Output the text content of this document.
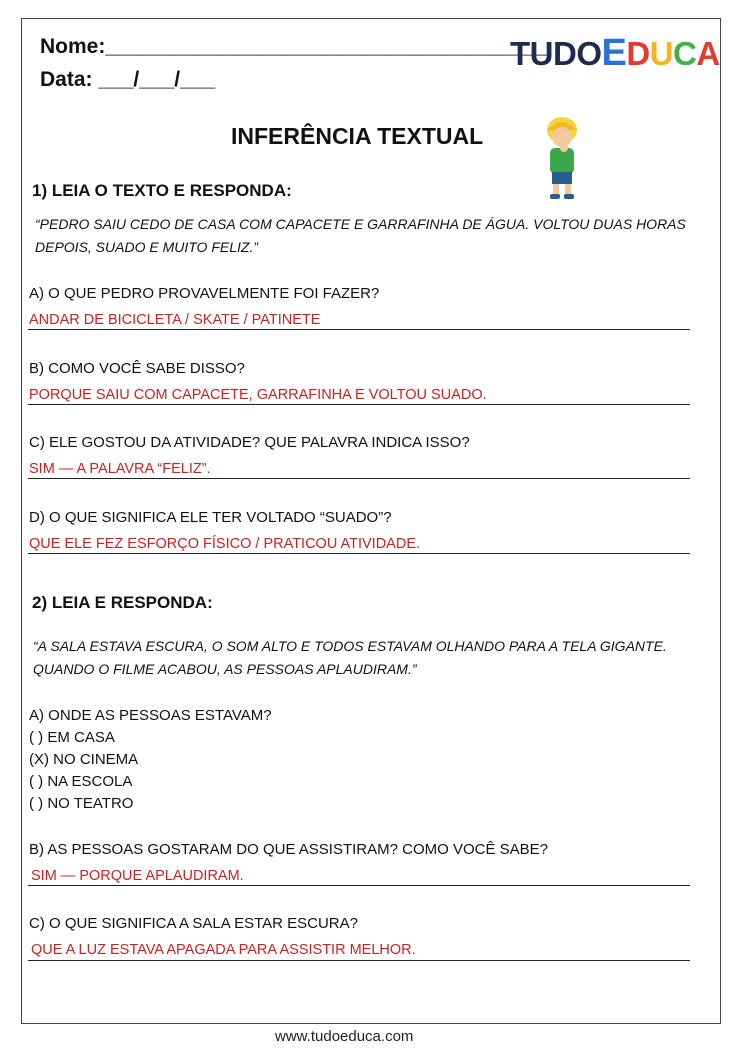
Nome:______________________________________
Data: ___/___/___
TUDOEDUCA
INFERÊNCIA TEXTUAL
1) LEIA O TEXTO E RESPONDA:
“PEDRO SAIU CEDO DE CASA COM CAPACETE E GARRAFINHA DE ÁGUA. VOLTOU DUAS HORAS
DEPOIS, SUADO E MUITO FELIZ.”
A) O QUE PEDRO PROVAVELMENTE FOI FAZER?
ANDAR DE BICICLETA / SKATE / PATINETE
B) COMO VOCÊ SABE DISSO?
PORQUE SAIU COM CAPACETE, GARRAFINHA E VOLTOU SUADO.
C) ELE GOSTOU DA ATIVIDADE? QUE PALAVRA INDICA ISSO?
SIM — A PALAVRA “FELIZ”.
D) O QUE SIGNIFICA ELE TER VOLTADO “SUADO”?
QUE ELE FEZ ESFORÇO FÍSICO / PRATICOU ATIVIDADE.
2) LEIA E RESPONDA:
“A SALA ESTAVA ESCURA, O SOM ALTO E TODOS ESTAVAM OLHANDO PARA A TELA GIGANTE.
QUANDO O FILME ACABOU, AS PESSOAS APLAUDIRAM.”
A) ONDE AS PESSOAS ESTAVAM?
( ) EM CASA
(X) NO CINEMA
( ) NA ESCOLA
( ) NO TEATRO
B) AS PESSOAS GOSTARAM DO QUE ASSISTIRAM? COMO VOCÊ SABE?
SIM — PORQUE APLAUDIRAM.
C) O QUE SIGNIFICA A SALA ESTAR ESCURA?
QUE A LUZ ESTAVA APAGADA PARA ASSISTIR MELHOR.
www.tudoeduca.com
